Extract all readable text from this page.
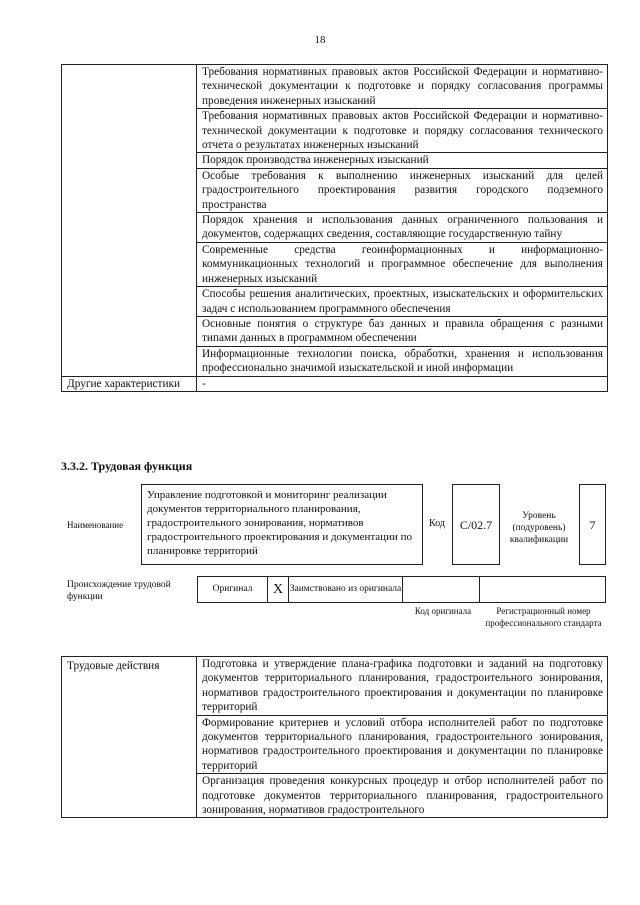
18
	Требования нормативных правовых актов Российской Федерации и нормативно-технической документации к подготовке и порядку согласования программы проведения инженерных изысканий
	Требования нормативных правовых актов Российской Федерации и нормативно-технической документации к подготовке и порядку согласования технического отчета о результатах инженерных изысканий
	Порядок производства инженерных изысканий
	Особые требования к выполнению инженерных изысканий для целей градостроительного проектирования развития городского подземного пространства
	Порядок хранения и использования данных ограниченного пользования и документов, содержащих сведения, составляющие государственную тайну
	Современные средства геоинформационных и информационно-коммуникационных технологий и программное обеспечение для выполнения инженерных изысканий
	Способы решения аналитических, проектных, изыскательских и оформительских задач с использованием программного обеспечения
	Основные понятия о структуре баз данных и правила обращения с разными типами данных в программном обеспечении
	Информационные технологии поиска, обработки, хранения и использования профессионально значимой изыскательской и иной информации
Другие характеристики	-
3.3.2. Трудовая функция
Наименование
Управление подготовкой и мониторинг реализации документов территориального планирования, градостроительного зонирования, нормативов градостроительного проектирования и документации по планировке территорий
Код	C/02.7
Уровень (подуровень) квалификации
7
Происхождение трудовой функции
Оригинал	X	Заимствовано из оригинала		
Код оригинала	Регистрационный номер профессионального стандарта
Трудовые действия	Подготовка и утверждение плана-графика подготовки и заданий на подготовку документов территориального планирования, градостроительного зонирования, нормативов градостроительного проектирования и документации по планировке территорий
Формирование критериев и условий отбора исполнителей работ по подготовке документов территориального планирования, градостроительного зонирования, нормативов градостроительного проектирования и документации по планировке территорий
Организация проведения конкурсных процедур и отбор исполнителей работ по подготовке документов территориального планирования, градостроительного зонирования, нормативов градостроительного
